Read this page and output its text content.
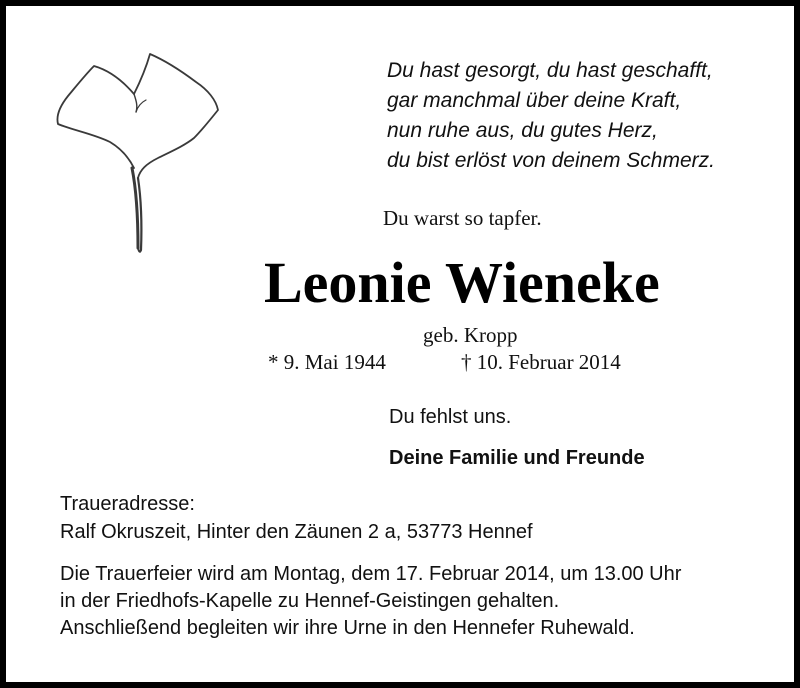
Du hast gesorgt, du hast geschafft,
gar manchmal über deine Kraft,
nun ruhe aus, du gutes Herz,
du bist erlöst von deinem Schmerz.
Du warst so tapfer.
Leonie Wieneke
geb. Kropp
* 9. Mai 1944	† 10. Februar 2014
Du fehlst uns.
Deine Familie und Freunde
Traueradresse:
Ralf Okruszeit, Hinter den Zäunen 2 a, 53773 Hennef
Die Trauerfeier wird am Montag, dem 17. Februar 2014, um 13.00 Uhr
in der Friedhofs-Kapelle zu Hennef-Geistingen gehalten.
Anschließend begleiten wir ihre Urne in den Hennefer Ruhewald.
